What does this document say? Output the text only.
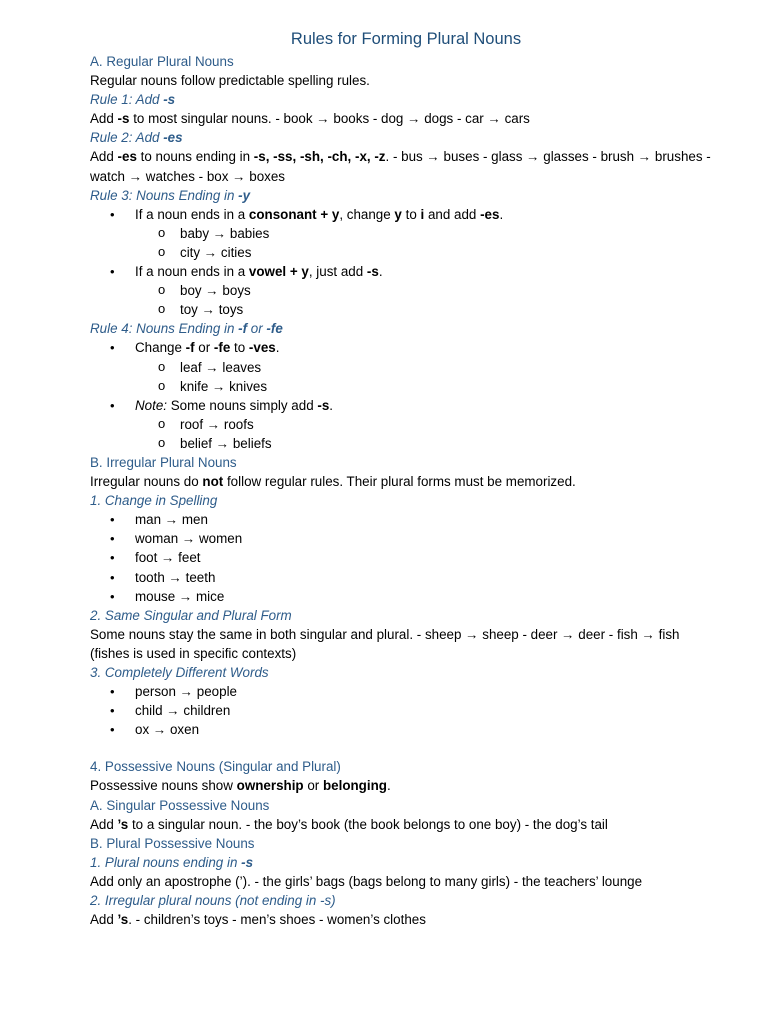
Rules for Forming Plural Nouns

A. Regular Plural Nouns

Regular nouns follow predictable spelling rules.

Rule 1: Add -s

Add -s to most singular nouns. - book → books - dog → dogs - car → cars

Rule 2: Add -es

Add -es to nouns ending in -s, -ss, -sh, -ch, -x, -z. - bus → buses - glass → glasses - brush → brushes - watch → watches - box → boxes

Rule 3: Nouns Ending in -y

• If a noun ends in a consonant + y, change y to i and add -es.
o baby → babies
o city → cities
• If a noun ends in a vowel + y, just add -s.
o boy → boys
o toy → toys

Rule 4: Nouns Ending in -f or -fe

• Change -f or -fe to -ves.
o leaf → leaves
o knife → knives
• Note: Some nouns simply add -s.
o roof → roofs
o belief → beliefs

B. Irregular Plural Nouns

Irregular nouns do not follow regular rules. Their plural forms must be memorized.

1. Change in Spelling

• man → men
• woman → women
• foot → feet
• tooth → teeth
• mouse → mice

2. Same Singular and Plural Form

Some nouns stay the same in both singular and plural. - sheep → sheep - deer → deer - fish → fish (fishes is used in specific contexts)

3. Completely Different Words

• person → people
• child → children
• ox → oxen

4. Possessive Nouns (Singular and Plural)

Possessive nouns show ownership or belonging.

A. Singular Possessive Nouns

Add ’s to a singular noun. - the boy’s book (the book belongs to one boy) - the dog’s tail

B. Plural Possessive Nouns

1. Plural nouns ending in -s

Add only an apostrophe (’). - the girls’ bags (bags belong to many girls) - the teachers’ lounge

2. Irregular plural nouns (not ending in -s)

Add ’s. - children’s toys - men’s shoes - women’s clothes
